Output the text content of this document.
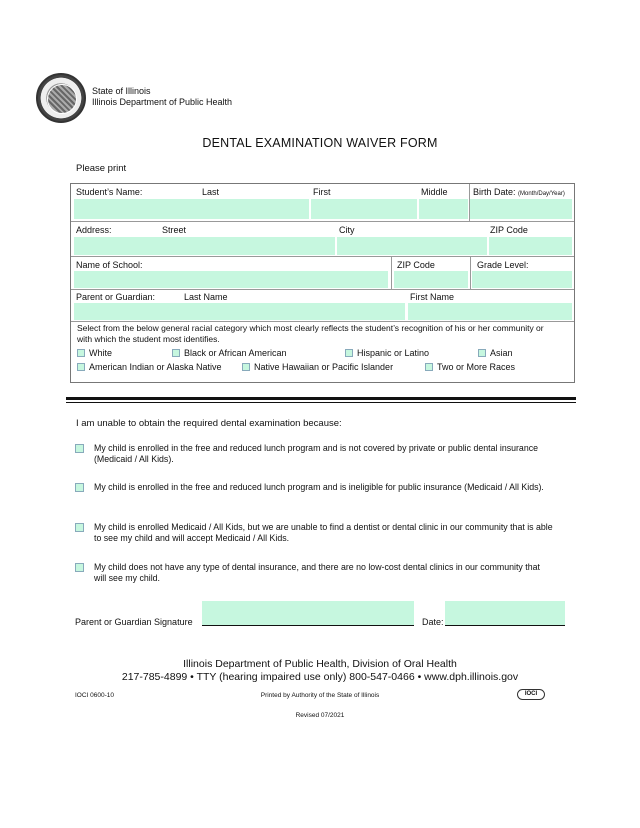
State of Illinois
Illinois Department of Public Health
DENTAL EXAMINATION WAIVER FORM
Please print
Student’s Name:	Last	First	Middle	Birth Date: (Month/Day/Year)
Address:	Street	City	ZIP Code
Name of School:	ZIP Code	Grade Level:
Parent or Guardian:	Last Name	First Name
Select from the below general racial category which most clearly reflects the student’s recognition of his or her community or with which the student most identifies.
White	Black or African American	Hispanic or Latino	Asian
American Indian or Alaska Native	Native Hawaiian or Pacific Islander	Two or More Races
I am unable to obtain the required dental examination because:
My child is enrolled in the free and reduced lunch program and is not covered by private or public dental insurance (Medicaid / All Kids).
My child is enrolled in the free and reduced lunch program and is ineligible for public insurance (Medicaid / All Kids).
My child is enrolled Medicaid / All Kids, but we are unable to find a dentist or dental clinic in our community that is able to see my child and will accept Medicaid / All Kids.
My child does not have any type of dental insurance, and there are no low-cost dental clinics in our community that will see my child.
Parent or Guardian Signature	Date:
Illinois Department of Public Health, Division of Oral Health
217-785-4899 • TTY (hearing impaired use only) 800-547-0466 • www.dph.illinois.gov
IOCI 0600-10	Printed by Authority of the State of Illinois	IOCI
Revised 07/2021
